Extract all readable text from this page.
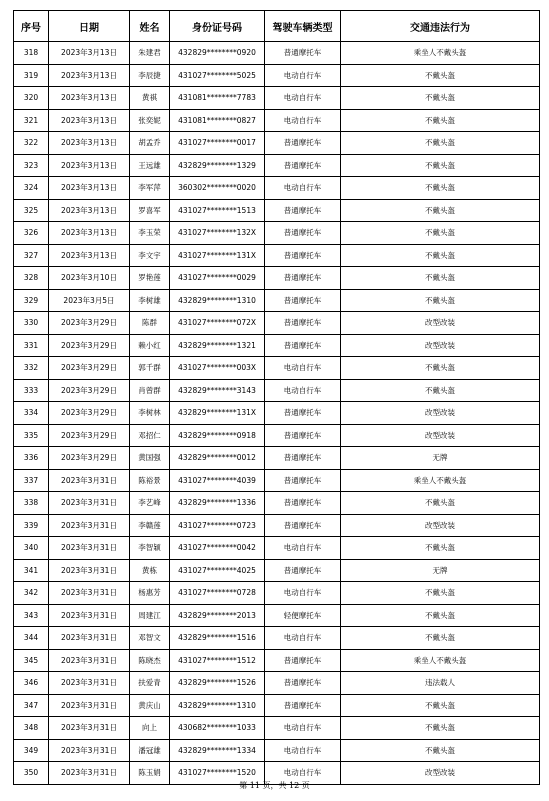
序号	日期	姓名	身份证号码	驾驶车辆类型	交通违法行为
318	2023年3月13日	朱建君	432829********0920	普通摩托车	乘坐人不戴头盔
319	2023年3月13日	李辰捷	431027********5025	电动自行车	不戴头盔
320	2023年3月13日	黄祺	431081********7783	电动自行车	不戴头盔
321	2023年3月13日	张奕妮	431081********0827	电动自行车	不戴头盔
322	2023年3月13日	胡孟乔	431027********0017	普通摩托车	不戴头盔
323	2023年3月13日	王远雄	432829********1329	普通摩托车	不戴头盔
324	2023年3月13日	李军萍	360302********0020	电动自行车	不戴头盔
325	2023年3月13日	罗喜军	431027********1513	普通摩托车	不戴头盔
326	2023年3月13日	李玉荣	431027********132X	普通摩托车	不戴头盔
327	2023年3月13日	李文宇	431027********131X	普通摩托车	不戴头盔
328	2023年3月10日	罗艳莲	431027********0029	普通摩托车	不戴头盔
329	2023年3月5日	李树雄	432829********1310	普通摩托车	不戴头盔
330	2023年3月29日	陈群	431027********072X	普通摩托车	改型改装
331	2023年3月29日	赖小红	432829********1321	普通摩托车	改型改装
332	2023年3月29日	郭千群	431027********003X	电动自行车	不戴头盔
333	2023年3月29日	肖曾群	432829********3143	电动自行车	不戴头盔
334	2023年3月29日	李树林	432829********131X	普通摩托车	改型改装
335	2023年3月29日	邓招仁	432829********0918	普通摩托车	改型改装
336	2023年3月29日	黄国强	432829********0012	普通摩托车	无牌
337	2023年3月31日	陈裕景	431027********4039	普通摩托车	乘坐人不戴头盔
338	2023年3月31日	李艺峰	432829********1336	普通摩托车	不戴头盔
339	2023年3月31日	李赣莲	431027********0723	普通摩托车	改型改装
340	2023年3月31日	李智颖	431027********0042	电动自行车	不戴头盔
341	2023年3月31日	黄栋	431027********4025	普通摩托车	无牌
342	2023年3月31日	杨惠芳	431027********0728	电动自行车	不戴头盔
343	2023年3月31日	周建江	432829********2013	轻便摩托车	不戴头盔
344	2023年3月31日	邓智文	432829********1516	电动自行车	不戴头盔
345	2023年3月31日	陈晓杰	431027********1512	普通摩托车	乘坐人不戴头盔
346	2023年3月31日	扶爱青	432829********1526	普通摩托车	违法载人
347	2023年3月31日	黄庆山	432829********1310	普通摩托车	不戴头盔
348	2023年3月31日	向上	430682********1033	电动自行车	不戴头盔
349	2023年3月31日	潘冠雄	432829********1334	电动自行车	不戴头盔
350	2023年3月31日	陈玉娟	431027********1520	电动自行车	改型改装
第 11 页，共 12 页
